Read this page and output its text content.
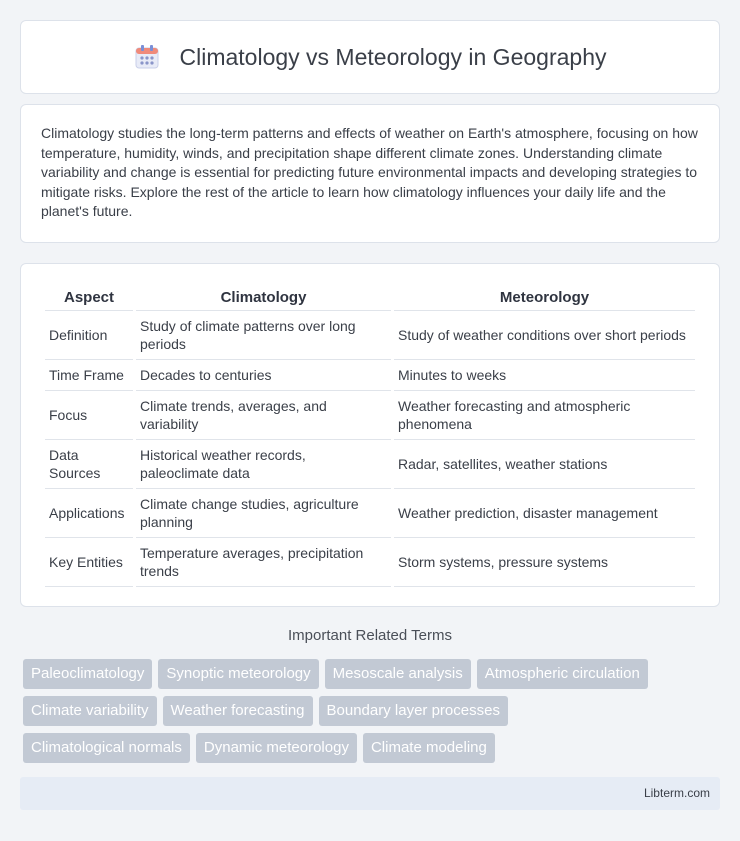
Climatology vs Meteorology in Geography

Climatology studies the long-term patterns and effects of weather on Earth's atmosphere, focusing on how temperature, humidity, winds, and precipitation shape different climate zones. Understanding climate variability and change is essential for predicting future environmental impacts and developing strategies to mitigate risks. Explore the rest of the article to learn how climatology influences your daily life and the planet's future.

Aspect	Climatology	Meteorology
Definition	Study of climate patterns over long periods	Study of weather conditions over short periods
Time Frame	Decades to centuries	Minutes to weeks
Focus	Climate trends, averages, and variability	Weather forecasting and atmospheric phenomena
Data Sources	Historical weather records, paleoclimate data	Radar, satellites, weather stations
Applications	Climate change studies, agriculture planning	Weather prediction, disaster management
Key Entities	Temperature averages, precipitation trends	Storm systems, pressure systems
Important Related Terms
Paleoclimatology	Synoptic meteorology	Mesoscale analysis	Atmospheric circulation
Climate variability	Weather forecasting	Boundary layer processes
Climatological normals	Dynamic meteorology	Climate modeling
Libterm.com
